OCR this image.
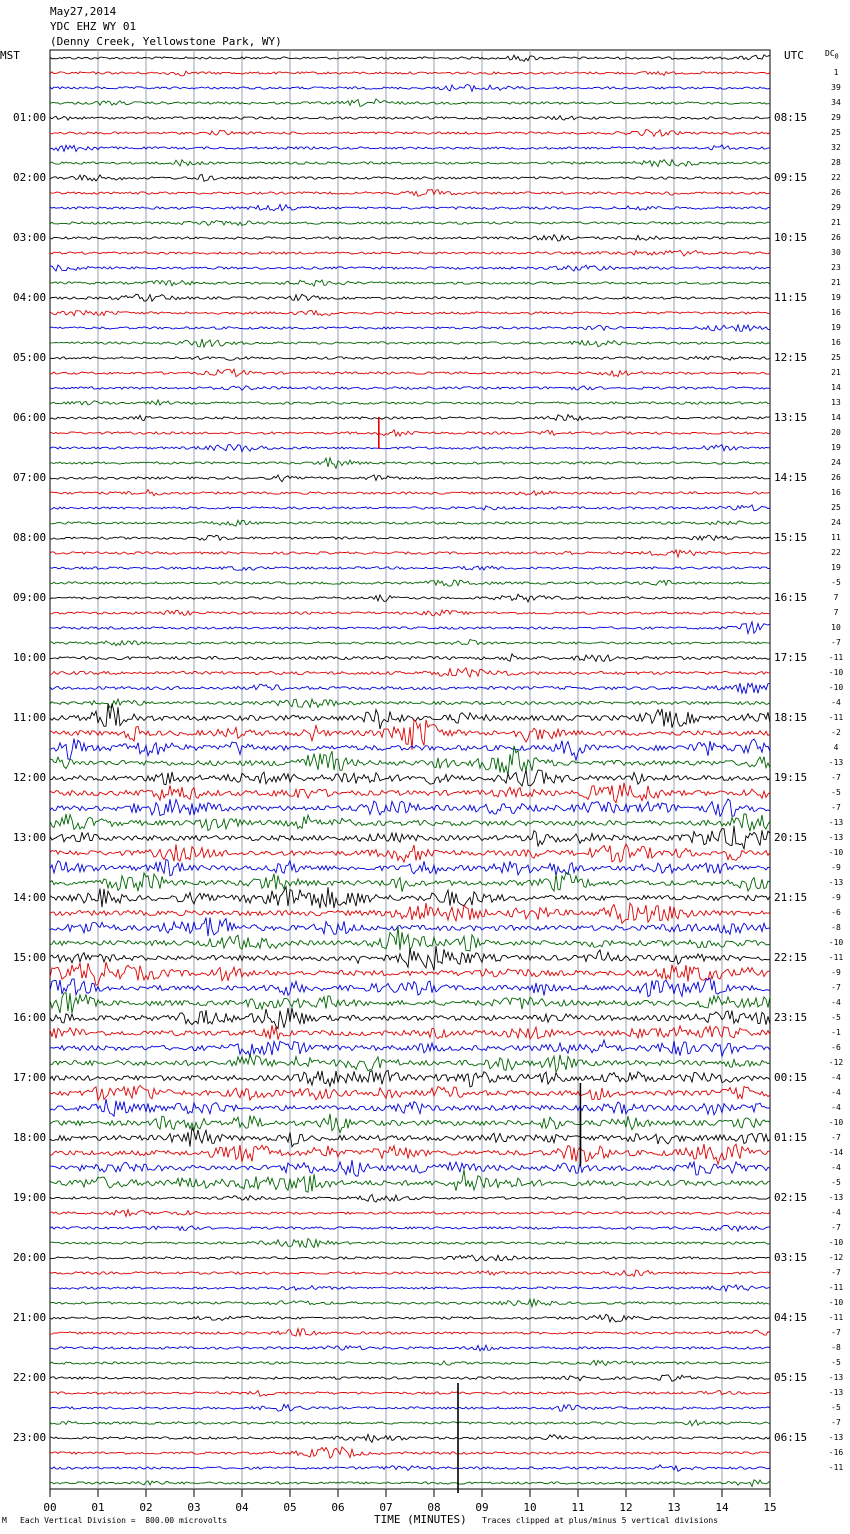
May27,2014
YDC EHZ WY 01
(Denny Creek, Yellowstone Park, WY)
MST	UTC	$DC_0$
01:00
02:00
03:00
04:00
05:00
06:00
07:00
08:00
09:00
10:00
11:00
12:00
13:00
14:00
15:00
16:00
17:00
18:00
19:00
20:00
21:00
22:00
23:00
08:15
09:15
10:15
11:15
12:15
13:15
14:15
15:15
16:15
17:15
18:15
19:15
20:15
21:15
22:15
23:15
00:15
01:15
02:15
03:15
04:15
05:15
06:15
1
39
34
29
25
32
28
22
26
29
21
26
30
23
21
19
16
19
16
25
21
14
13
14
20
19
24
26
16
25
24
11
22
19
-5
7
7
10
-7
-11
-10
-10
-4
-11
-2
4
-13
-7
-5
-7
-13
-13
-10
-9
-13
-9
-6
-8
-10
-11
-9
-7
-4
-5
-1
-6
-12
-4
-4
-4
-10
-7
-14
-4
-5
-13
-4
-7
-10
-12
-7
-11
-10
-11
-7
-8
-5
-13
-13
-5
-7
-13
-16
-11
00	01	02	03	04	05	06	07	08	09	10	11	12	13	14	15
M Each Vertical Division =  800.00 microvolts	TIME (MINUTES) Traces clipped at plus/minus 5 vertical divisions
